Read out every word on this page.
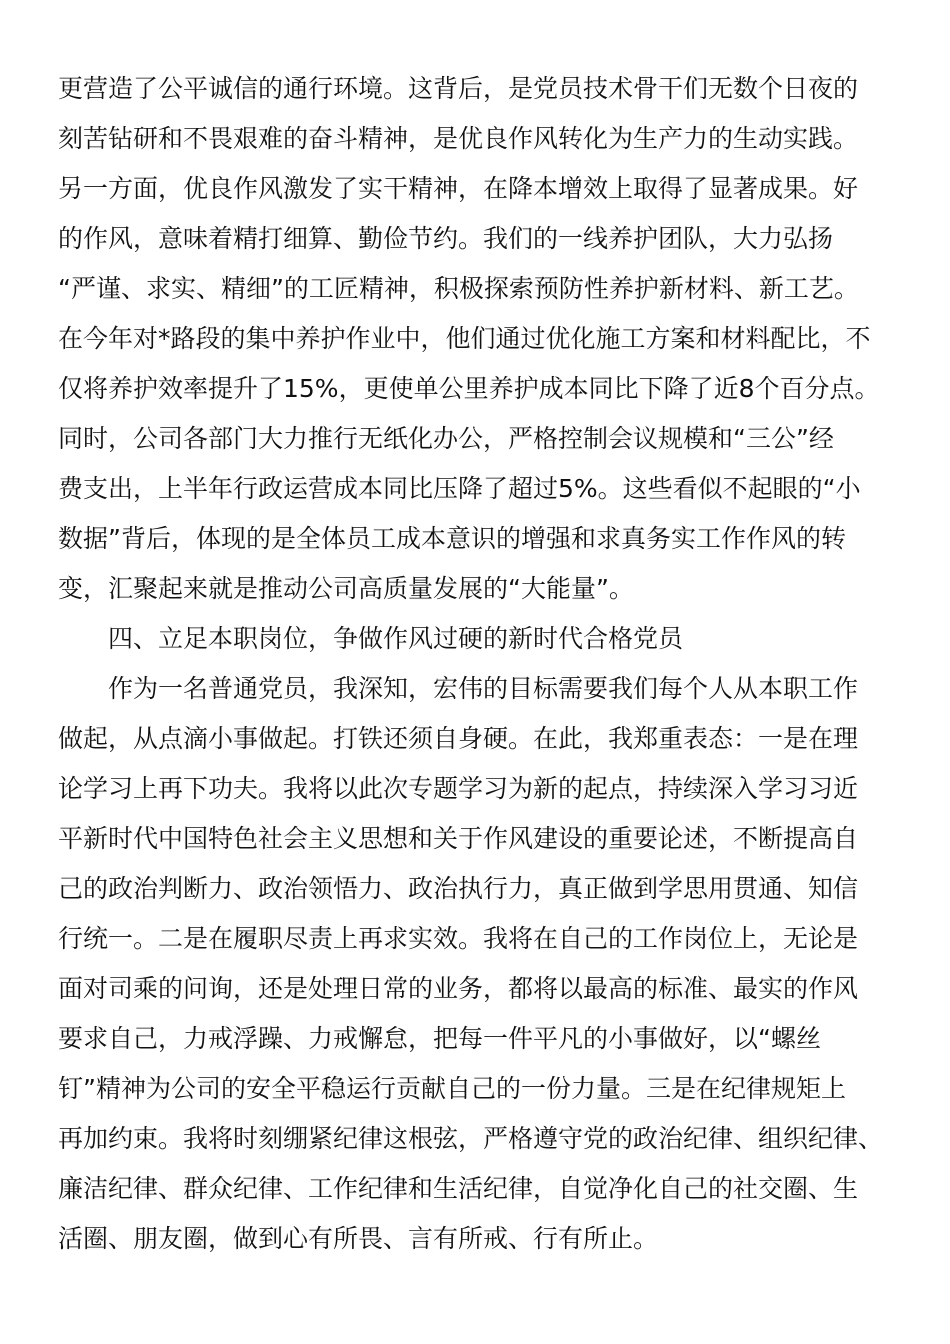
更营造了公平诚信的通行环境。这背后，是党员技术骨干们无数个日夜的
刻苦钻研和不畏艰难的奋斗精神，是优良作风转化为生产力的生动实践。
另一方面，优良作风激发了实干精神，在降本增效上取得了显著成果。好
的作风，意味着精打细算、勤俭节约。我们的一线养护团队，大力弘扬
“严谨、求实、精细”的工匠精神，积极探索预防性养护新材料、新工艺。
在今年对*路段的集中养护作业中，他们通过优化施工方案和材料配比，不
仅将养护效率提升了15%，更使单公里养护成本同比下降了近8个百分点。
同时，公司各部门大力推行无纸化办公，严格控制会议规模和“三公”经
费支出，上半年行政运营成本同比压降了超过5%。这些看似不起眼的“小
数据”背后，体现的是全体员工成本意识的增强和求真务实工作作风的转
变，汇聚起来就是推动公司高质量发展的“大能量”。
四、立足本职岗位，争做作风过硬的新时代合格党员
作为一名普通党员，我深知，宏伟的目标需要我们每个人从本职工作
做起，从点滴小事做起。打铁还须自身硬。在此，我郑重表态：一是在理
论学习上再下功夫。我将以此次专题学习为新的起点，持续深入学习习近
平新时代中国特色社会主义思想和关于作风建设的重要论述，不断提高自
己的政治判断力、政治领悟力、政治执行力，真正做到学思用贯通、知信
行统一。二是在履职尽责上再求实效。我将在自己的工作岗位上，无论是
面对司乘的问询，还是处理日常的业务，都将以最高的标准、最实的作风
要求自己，力戒浮躁、力戒懈怠，把每一件平凡的小事做好，以“螺丝
钉”精神为公司的安全平稳运行贡献自己的一份力量。三是在纪律规矩上
再加约束。我将时刻绷紧纪律这根弦，严格遵守党的政治纪律、组织纪律、
廉洁纪律、群众纪律、工作纪律和生活纪律，自觉净化自己的社交圈、生
活圈、朋友圈，做到心有所畏、言有所戒、行有所止。
